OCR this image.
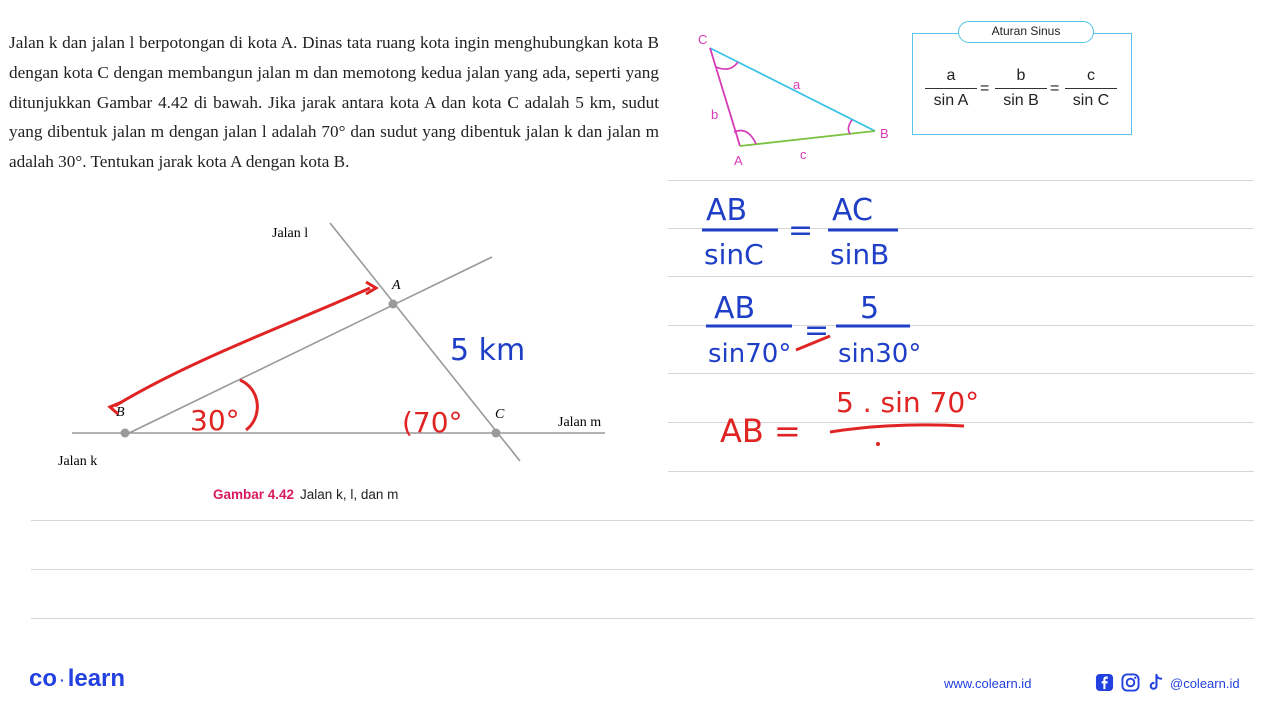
Jalan k dan jalan l berpotongan di kota A. Dinas tata ruang kota ingin menghubungkan kota B dengan kota C dengan membangun jalan m dan memotong kedua jalan yang ada, seperti yang ditunjukkan Gambar 4.42 di bawah. Jika jarak antara kota A dan kota C adalah 5 km, sudut yang dibentuk jalan m dengan jalan l adalah 70° dan sudut yang dibentuk jalan k dan jalan m adalah 30°. Tentukan jarak kota A dengan kota B.

Jalan l
Jalan k
Jalan m
A
B	C
30°	(70°
5 km
Gambar 4.42 Jalan k, l, dan m
C
A
B
a
b
c
Aturan Sinus
$\frac{a}{\text{sin A}} = \frac{b}{\text{sin B}} = \frac{c}{\text{sin C}}$
AB
sinC
=
AC
sinB
AB
sin70°
=
5
sin30°
AB =
5 . sin 70°
co · learn	www.colearn.id	@colearn.id
